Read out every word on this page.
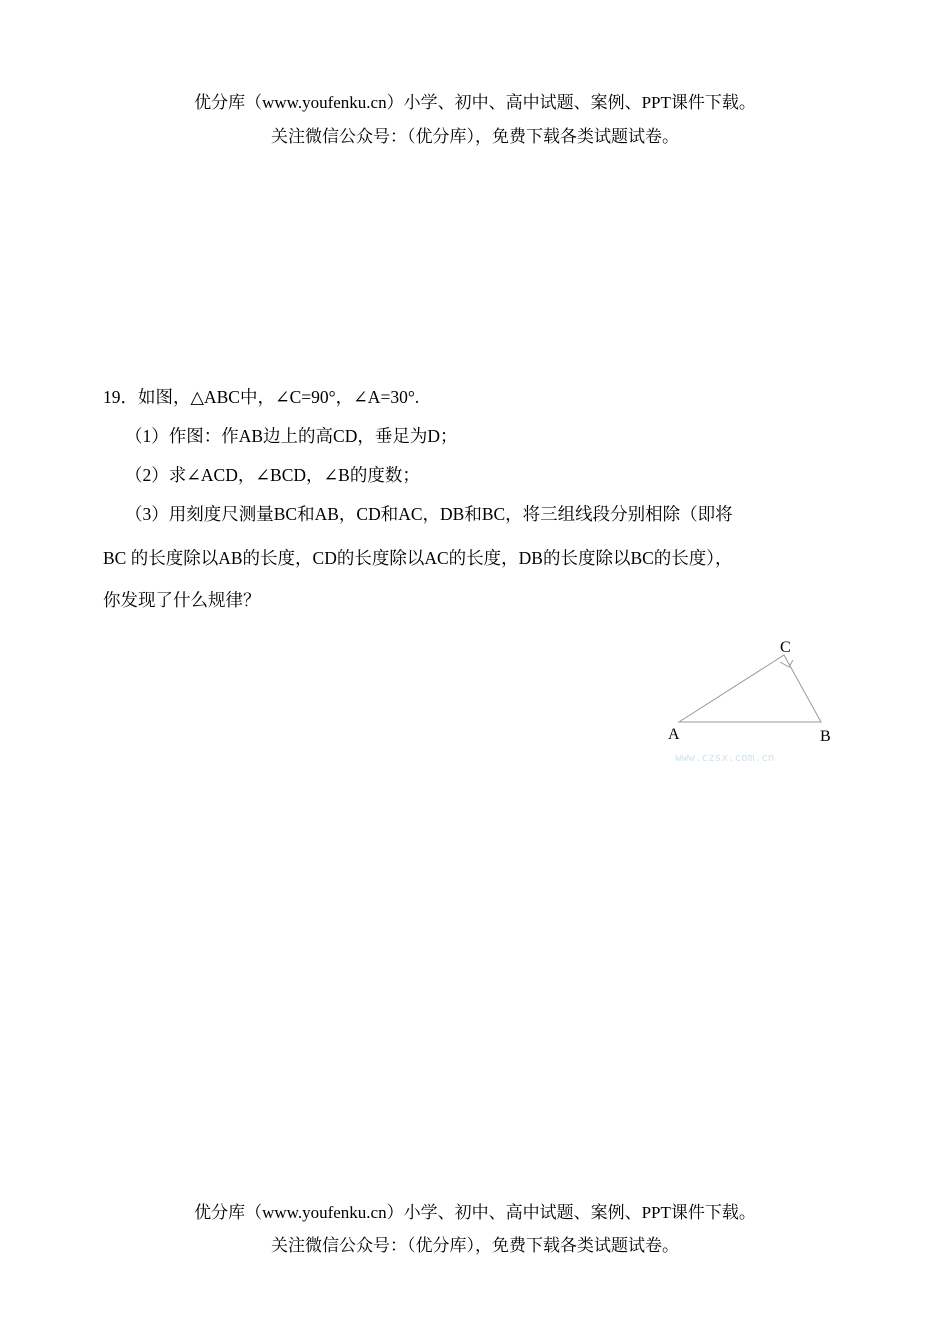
优分库（www.youfenku.cn）小学、初中、高中试题、案例、PPT课件下载。
关注微信公众号：（优分库），免费下载各类试题试卷。
19．如图，△ABC中，∠C=90°，∠A=30°.
（1）作图：作AB边上的高CD，垂足为D；
（2）求∠ACD，∠BCD，∠B的度数；
（3）用刻度尺测量BC和AB，CD和AC，DB和BC，将三组线段分别相除（即将
BC 的长度除以AB的长度，CD的长度除以AC的长度，DB的长度除以BC的长度），
你发现了什么规律？
C
A	B
www.czsx.com.cn
优分库（www.youfenku.cn）小学、初中、高中试题、案例、PPT课件下载。
关注微信公众号：（优分库），免费下载各类试题试卷。
